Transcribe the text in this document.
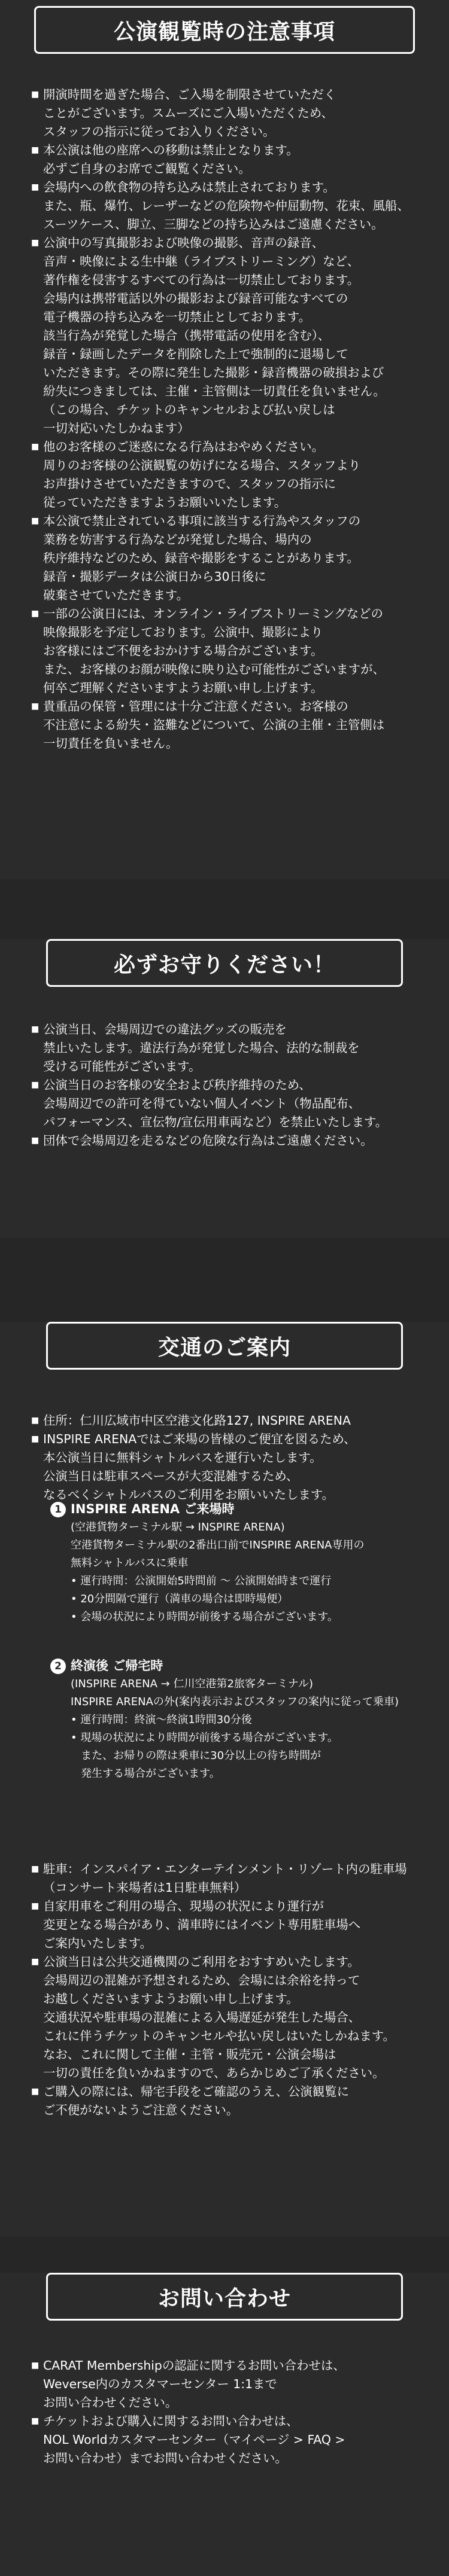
公演観覧時の注意事項
■ 開演時間を過ぎた場合、ご入場を制限させていただく
ことがございます。スムーズにご入場いただくため、
スタッフの指示に従ってお入りください。
■ 本公演は他の座席への移動は禁止となります。
必ずご自身のお席でご観覧ください。
■ 会場内への飲食物の持ち込みは禁止されております。
また、瓶、爆竹、レーザーなどの危険物や仲屈動物、花束、風船、
スーツケース、脚立、三脚などの持ち込みはご遠慮ください。
■ 公演中の写真撮影および映像の撮影、音声の録音、
音声・映像による生中継（ライブストリーミング）など、
著作権を侵害するすべての行為は一切禁止しております。
会場内は携帯電話以外の撮影および録音可能なすべての
電子機器の持ち込みを一切禁止としております。
該当行為が発覚した場合（携帯電話の使用を含む）、
録音・録画したデータを削除した上で強制的に退場して
いただきます。その際に発生した撮影・録音機器の破損および
紛失につきましては、主催・主管側は一切責任を負いません。
（この場合、チケットのキャンセルおよび払い戻しは
一切対応いたしかねます）
■ 他のお客様のご迷惑になる行為はおやめください。
周りのお客様の公演観覧の妨げになる場合、スタッフより
お声掛けさせていただきますので、スタッフの指示に
従っていただきますようお願いいたします。
■ 本公演で禁止されている事項に該当する行為やスタッフの
業務を妨害する行為などが発覚した場合、場内の
秩序維持などのため、録音や撮影をすることがあります。
録音・撮影データは公演日から30日後に
破棄させていただきます。
■ 一部の公演日には、オンライン・ライブストリーミングなどの
映像撮影を予定しております。公演中、撮影により
お客様にはご不便をおかけする場合がございます。
また、お客様のお顔が映像に映り込む可能性がございますが、
何卒ご理解くださいますようお願い申し上げます。
■ 貴重品の保管・管理には十分ご注意ください。お客様の
不注意による紛失・盗難などについて、公演の主催・主管側は
一切責任を負いません。
必ずお守りください！
■ 公演当日、会場周辺での違法グッズの販売を
禁止いたします。違法行為が発覚した場合、法的な制裁を
受ける可能性がございます。
■ 公演当日のお客様の安全および秩序維持のため、
会場周辺での許可を得ていない個人イベント（物品配布、
パフォーマンス、宣伝物/宣伝用車両など）を禁止いたします。
■ 団体で会場周辺を走るなどの危険な行為はご遠慮ください。
交通のご案内
■ 住所：仁川広域市中区空港文化路127, INSPIRE ARENA
■ INSPIRE ARENAではご来場の皆様のご便宜を図るため、
本公演当日に無料シャトルバスを運行いたします。
公演当日は駐車スペースが大変混雑するため、
なるべくシャトルバスのご利用をお願いいたします。
1 INSPIRE ARENA ご来場時
(空港貨物ターミナル駅 → INSPIRE ARENA)
空港貨物ターミナル駅の2番出口前でINSPIRE ARENA専用の
無料シャトルバスに乗車
• 運行時間：公演開始5時間前 ～ 公演開始時まで運行
• 20分間隔で運行（満車の場合は即時場便）
• 会場の状況により時間が前後する場合がございます。
2 終演後 ご帰宅時
(INSPIRE ARENA → 仁川空港第2旅客ターミナル)
INSPIRE ARENAの外(案内表示およびスタッフの案内に従って乗車)
• 運行時間：終演～終演1時間30分後
• 現場の状況により時間が前後する場合がございます。
また、お帰りの際は乗車に30分以上の待ち時間が
発生する場合がございます。
■ 駐車：インスパイア・エンターテインメント・リゾート内の駐車場
（コンサート来場者は1日駐車無料）
■ 自家用車をご利用の場合、現場の状況により運行が
変更となる場合があり、満車時にはイベント専用駐車場へ
ご案内いたします。
■ 公演当日は公共交通機関のご利用をおすすめいたします。
会場周辺の混雑が予想されるため、会場には余裕を持って
お越しくださいますようお願い申し上げます。
交通状況や駐車場の混雑による入場遅延が発生した場合、
これに伴うチケットのキャンセルや払い戻しはいたしかねます。
なお、これに関して主催・主管・販売元・公演会場は
一切の責任を負いかねますので、あらかじめご了承ください。
■ ご購入の際には、帰宅手段をご確認のうえ、公演観覧に
ご不便がないようご注意ください。
お問い合わせ
■ CARAT Membershipの認証に関するお問い合わせは、
Weverse内のカスタマーセンター 1:1まで
お問い合わせください。
■ チケットおよび購入に関するお問い合わせは、
NOL Worldカスタマーセンター（マイページ > FAQ >
お問い合わせ）までお問い合わせください。
